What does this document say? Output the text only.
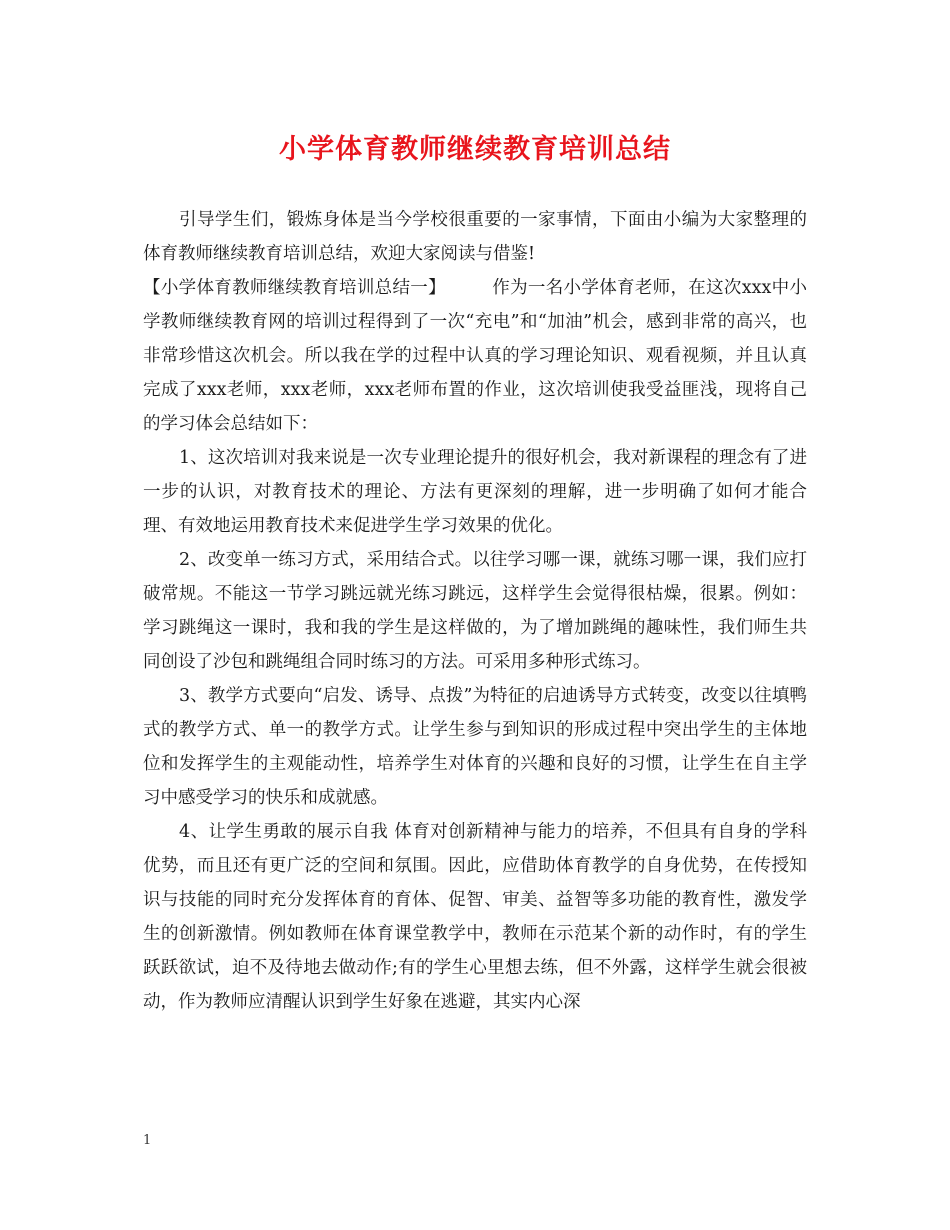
小学体育教师继续教育培训总结

引导学生们，锻炼身体是当今学校很重要的一家事情，下面由小编为大家整理的体育教师继续教育培训总结，欢迎大家阅读与借鉴!

【小学体育教师继续教育培训总结一】	作为一名小学体育老师，在这次xxx中小学教师继续教育网的培训过程得到了一次“充电”和“加油”机会，感到非常的高兴，也非常珍惜这次机会。所以我在学的过程中认真的学习理论知识、观看视频，并且认真完成了xxx老师，xxx老师，xxx老师布置的作业，这次培训使我受益匪浅，现将自己的学习体会总结如下：

1、这次培训对我来说是一次专业理论提升的很好机会，我对新课程的理念有了进一步的认识，对教育技术的理论、方法有更深刻的理解，进一步明确了如何才能合理、有效地运用教育技术来促进学生学习效果的优化。

2、改变单一练习方式，采用结合式。以往学习哪一课，就练习哪一课，我们应打破常规。不能这一节学习跳远就光练习跳远，这样学生会觉得很枯燥，很累。例如：学习跳绳这一课时，我和我的学生是这样做的，为了增加跳绳的趣味性，我们师生共同创设了沙包和跳绳组合同时练习的方法。可采用多种形式练习。

3、教学方式要向“启发、诱导、点拨”为特征的启迪诱导方式转变，改变以往填鸭式的教学方式、单一的教学方式。让学生参与到知识的形成过程中突出学生的主体地位和发挥学生的主观能动性，培养学生对体育的兴趣和良好的习惯，让学生在自主学习中感受学习的快乐和成就感。

4、让学生勇敢的展示自我 体育对创新精神与能力的培养，不但具有自身的学科优势，而且还有更广泛的空间和氛围。因此，应借助体育教学的自身优势，在传授知识与技能的同时充分发挥体育的育体、促智、审美、益智等多功能的教育性，激发学生的创新激情。例如教师在体育课堂教学中，教师在示范某个新的动作时，有的学生跃跃欲试，迫不及待地去做动作;有的学生心里想去练，但不外露，这样学生就会很被动，作为教师应清醒认识到学生好象在逃避，其实内心深

1
